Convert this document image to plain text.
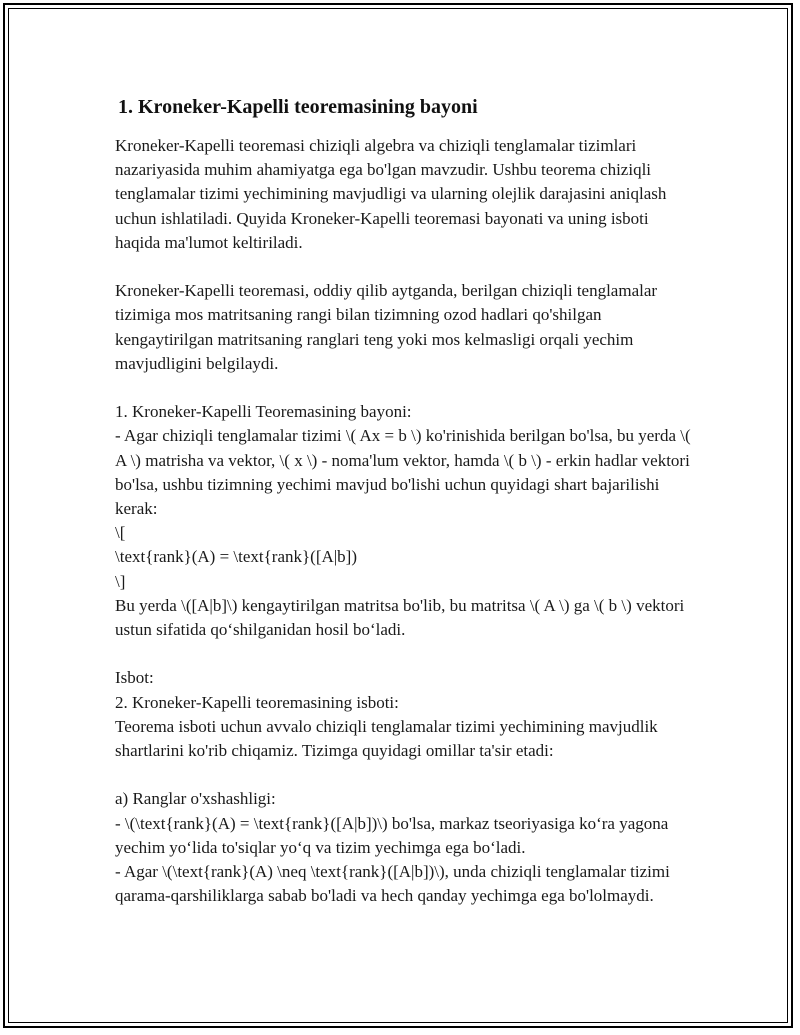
1. Kroneker-Kapelli teoremasining bayoni

Kroneker-Kapelli teoremasi chiziqli algebra va chiziqli tenglamalar tizimlari nazariyasida muhim ahamiyatga ega bo'lgan mavzudir. Ushbu teorema chiziqli tenglamalar tizimi yechimining mavjudligi va ularning olejlik darajasini aniqlash uchun ishlatiladi. Quyida Kroneker-Kapelli teoremasi bayonati va uning isboti haqida ma'lumot keltiriladi.

Kroneker-Kapelli teoremasi, oddiy qilib aytganda, berilgan chiziqli tenglamalar tizimiga mos matritsaning rangi bilan tizimning ozod hadlari qo'shilgan kengaytirilgan matritsaning ranglari teng yoki mos kelmasligi orqali yechim mavjudligini belgilaydi.

1. Kroneker-Kapelli Teoremasining bayoni:
- Agar chiziqli tenglamalar tizimi \( Ax = b \) ko'rinishida berilgan bo'lsa, bu yerda \( A \) matrisha va vektor, \( x \) - noma'lum vektor, hamda \( b \) - erkin hadlar vektori bo'lsa, ushbu tizimning yechimi mavjud bo'lishi uchun quyidagi shart bajarilishi kerak:
\[
\text{rank}(A) = \text{rank}([A|b])
\]
Bu yerda \([A|b]\) kengaytirilgan matritsa bo'lib, bu matritsa \( A \) ga \( b \) vektori ustun sifatida qo‘shilganidan hosil bo‘ladi.

Isbot:
2. Kroneker-Kapelli teoremasining isboti:
Teorema isboti uchun avvalo chiziqli tenglamalar tizimi yechimining mavjudlik shartlarini ko'rib chiqamiz. Tizimga quyidagi omillar ta'sir etadi:

a) Ranglar o'xshashligi:
- \(\text{rank}(A) = \text{rank}([A|b])\) bo'lsa, markaz tseoriyasiga ko‘ra yagona yechim yo‘lida to'siqlar yo‘q va tizim yechimga ega bo‘ladi.
- Agar \(\text{rank}(A) \neq \text{rank}([A|b])\), unda chiziqli tenglamalar tizimi qarama-qarshiliklarga sabab bo'ladi va hech qanday yechimga ega bo'lolmaydi.
